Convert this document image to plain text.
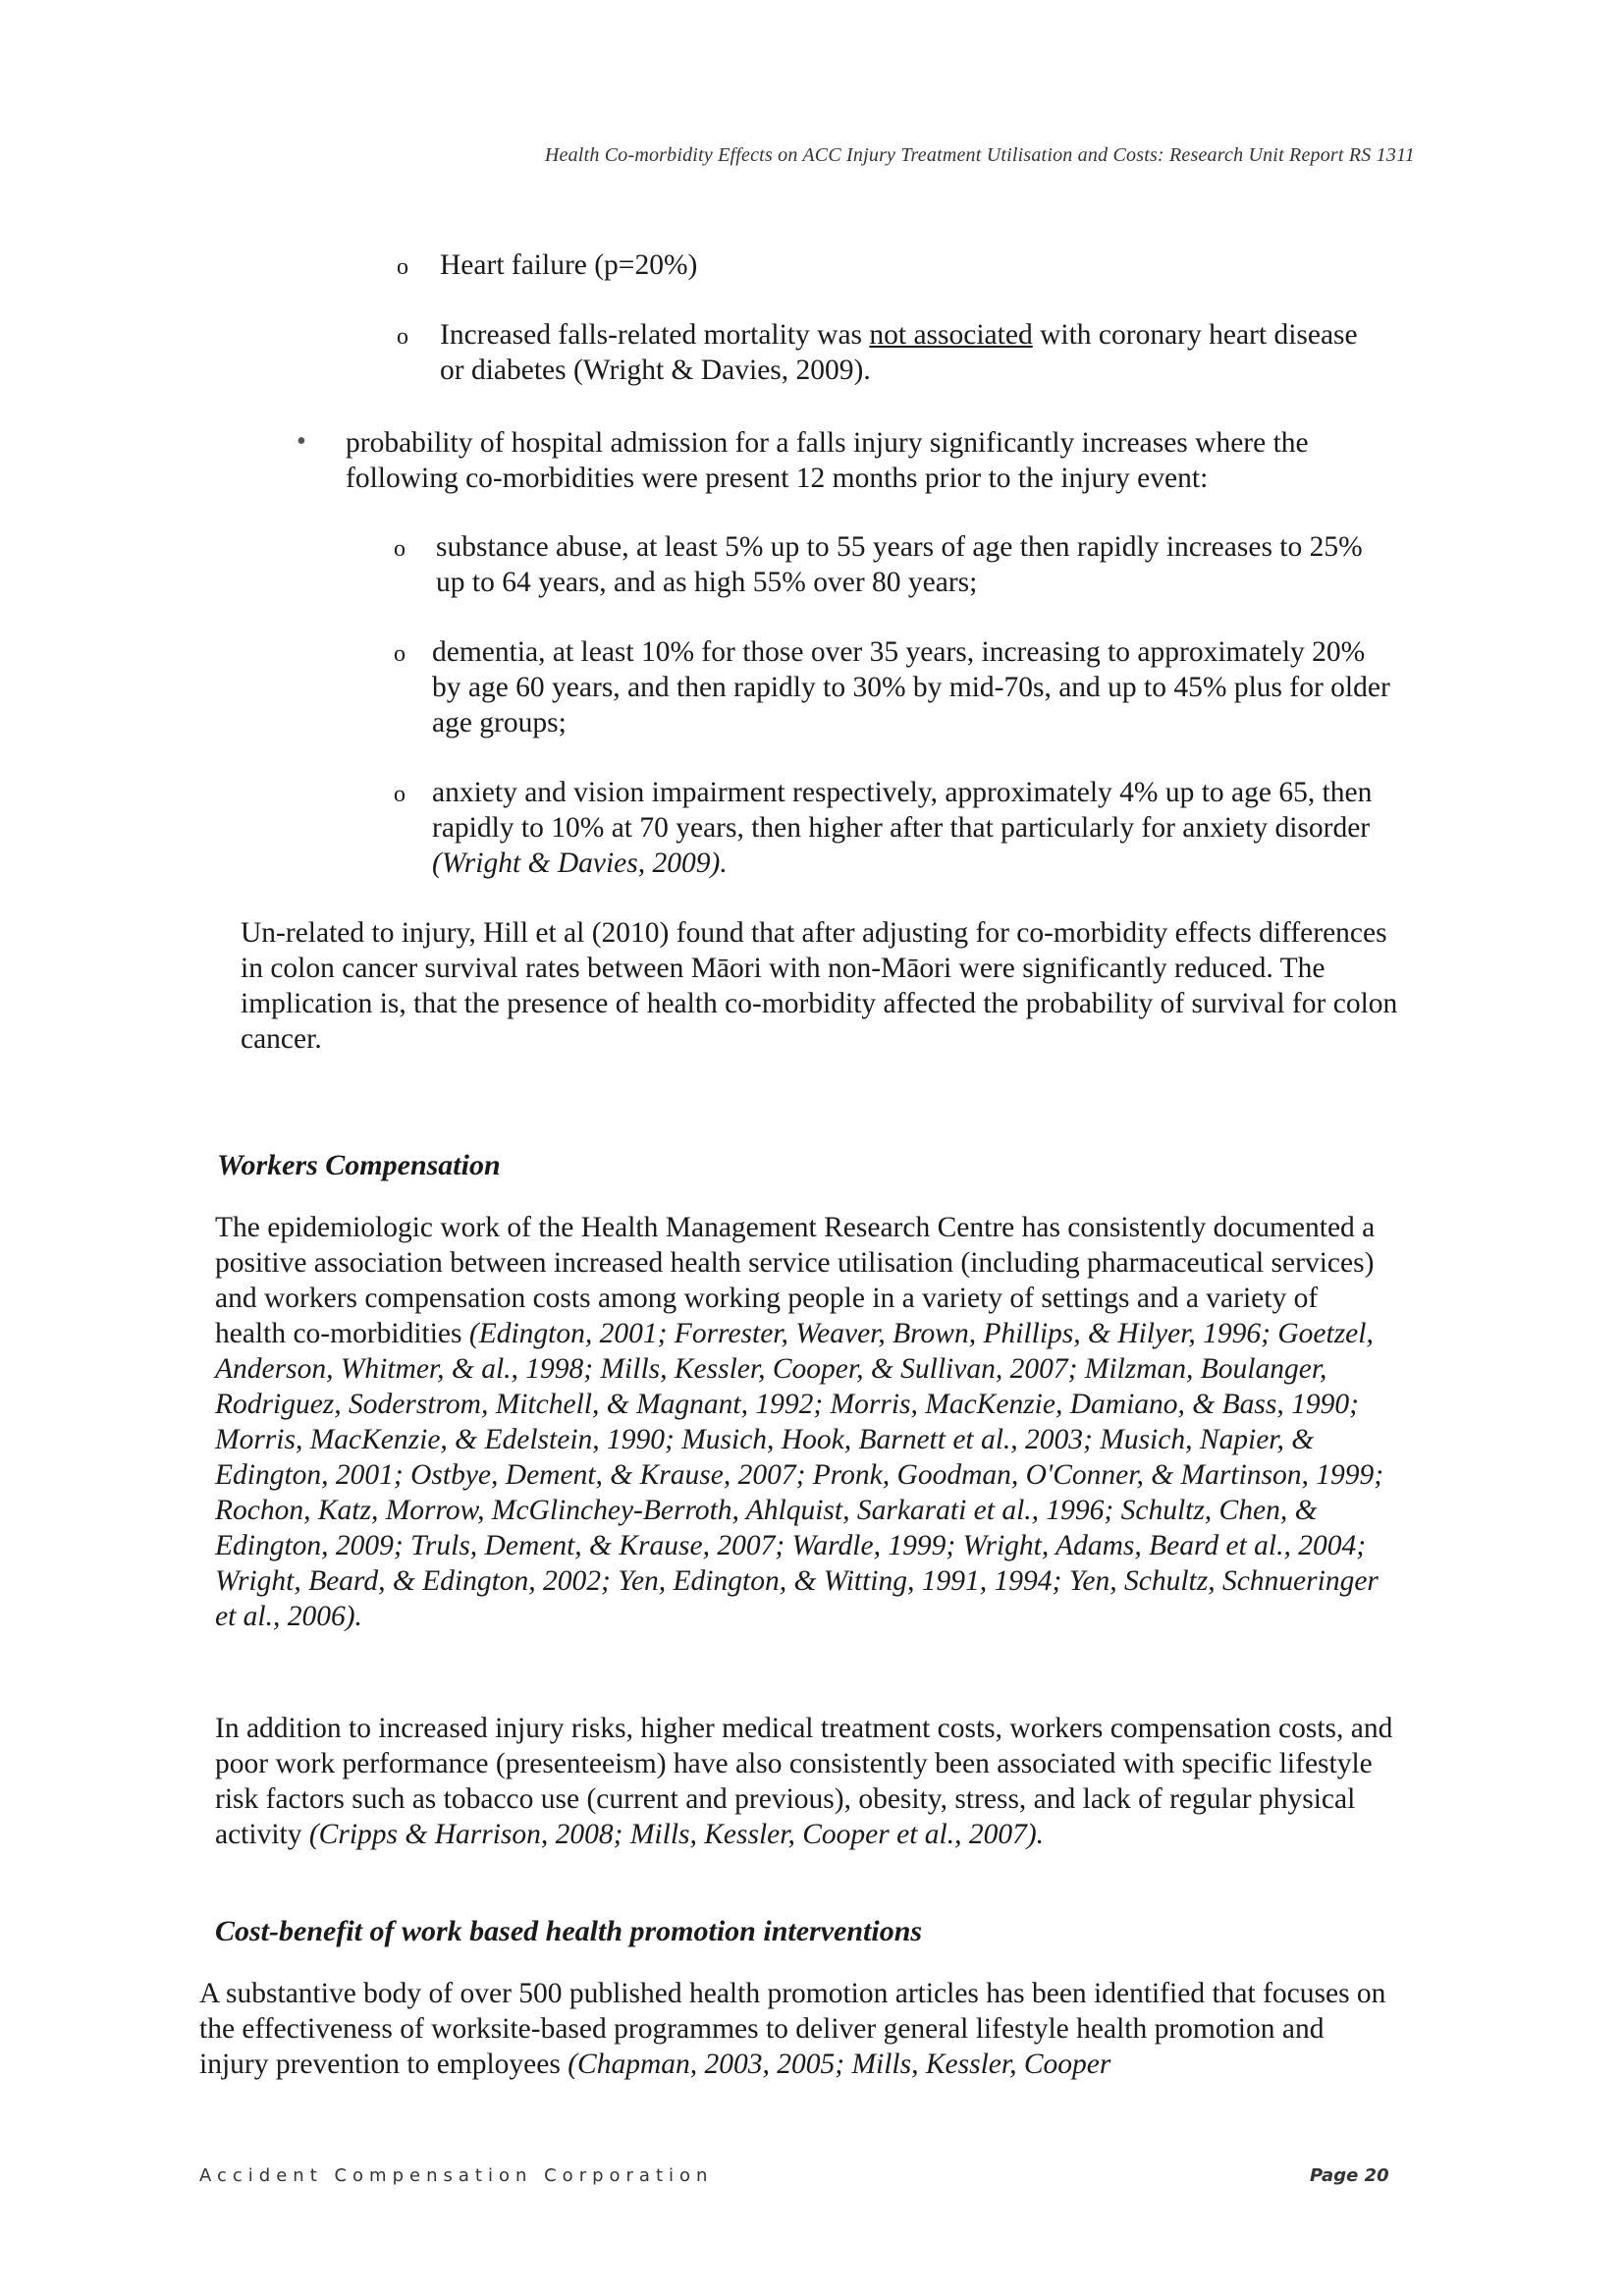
Health Co-morbidity Effects on ACC Injury Treatment Utilisation and Costs: Research Unit Report RS 1311
o Heart failure (p=20%)
o Increased falls-related mortality was not associated with coronary heart disease or diabetes (Wright & Davies, 2009).
• probability of hospital admission for a falls injury significantly increases where the following co-morbidities were present 12 months prior to the injury event:
o substance abuse, at least 5% up to 55 years of age then rapidly increases to 25% up to 64 years, and as high 55% over 80 years;
o dementia, at least 10% for those over 35 years, increasing to approximately 20% by age 60 years, and then rapidly to 30% by mid-70s, and up to 45% plus for older age groups;
o anxiety and vision impairment respectively, approximately 4% up to age 65, then rapidly to 10% at 70 years, then higher after that particularly for anxiety disorder (Wright & Davies, 2009).
Un-related to injury, Hill et al (2010) found that after adjusting for co-morbidity effects differences in colon cancer survival rates between Māori with non-Māori were significantly reduced. The implication is, that the presence of health co-morbidity affected the probability of survival for colon cancer.
Workers Compensation
The epidemiologic work of the Health Management Research Centre has consistently documented a positive association between increased health service utilisation (including pharmaceutical services) and workers compensation costs among working people in a variety of settings and a variety of health co-morbidities (Edington, 2001; Forrester, Weaver, Brown, Phillips, & Hilyer, 1996; Goetzel, Anderson, Whitmer, & al., 1998; Mills, Kessler, Cooper, & Sullivan, 2007; Milzman, Boulanger, Rodriguez, Soderstrom, Mitchell, & Magnant, 1992; Morris, MacKenzie, Damiano, & Bass, 1990; Morris, MacKenzie, & Edelstein, 1990; Musich, Hook, Barnett et al., 2003; Musich, Napier, & Edington, 2001; Ostbye, Dement, & Krause, 2007; Pronk, Goodman, O'Conner, & Martinson, 1999; Rochon, Katz, Morrow, McGlinchey-Berroth, Ahlquist, Sarkarati et al., 1996; Schultz, Chen, & Edington, 2009; Truls, Dement, & Krause, 2007; Wardle, 1999; Wright, Adams, Beard et al., 2004; Wright, Beard, & Edington, 2002; Yen, Edington, & Witting, 1991, 1994; Yen, Schultz, Schnueringer et al., 2006).
In addition to increased injury risks, higher medical treatment costs, workers compensation costs, and poor work performance (presenteeism) have also consistently been associated with specific lifestyle risk factors such as tobacco use (current and previous), obesity, stress, and lack of regular physical activity (Cripps & Harrison, 2008; Mills, Kessler, Cooper et al., 2007).
Cost-benefit of work based health promotion interventions
A substantive body of over 500 published health promotion articles has been identified that focuses on the effectiveness of worksite-based programmes to deliver general lifestyle health promotion and injury prevention to employees (Chapman, 2003, 2005; Mills, Kessler, Cooper
Accident Compensation Corporation	Page 20
